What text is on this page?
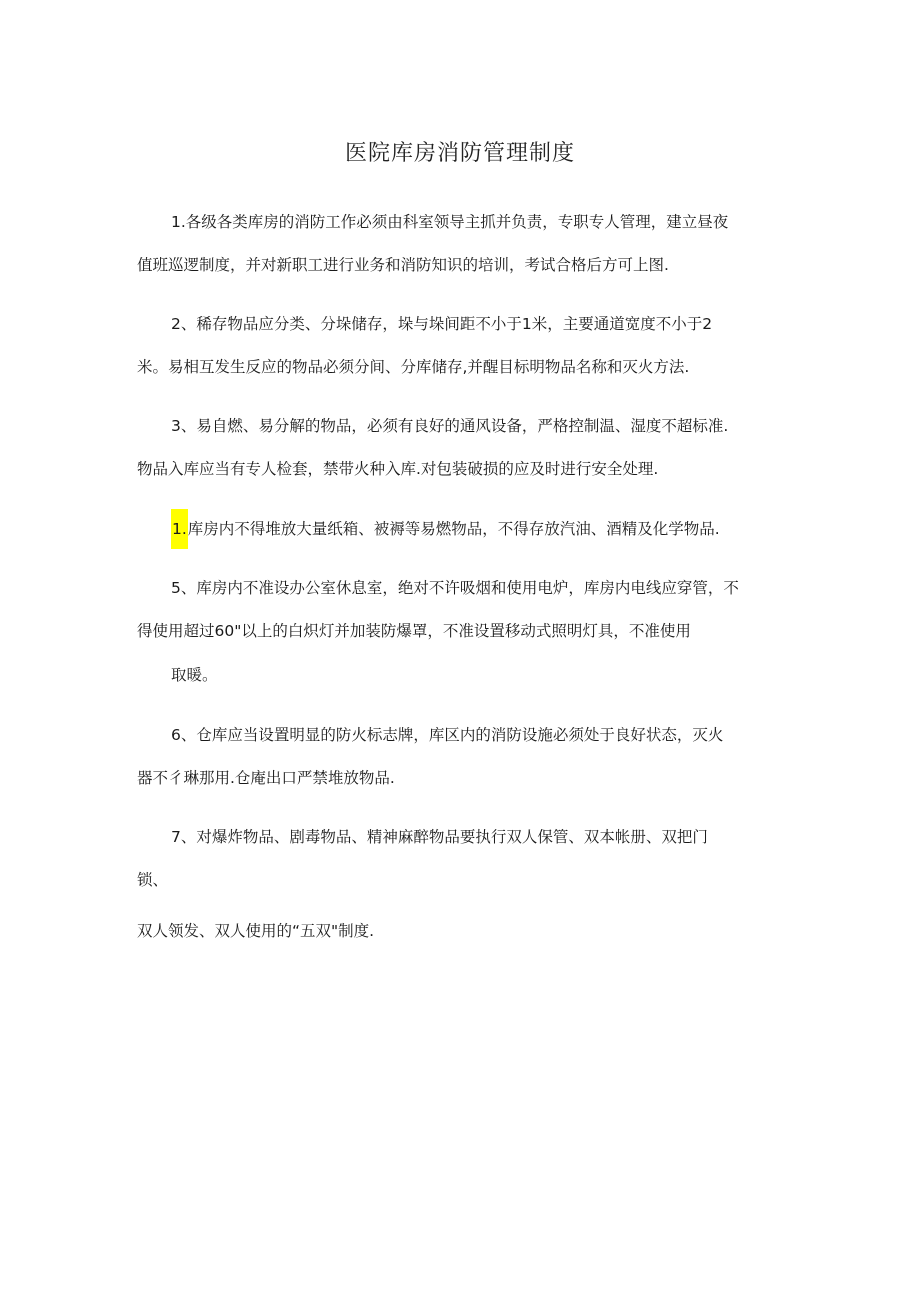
医院库房消防管理制度
1.各级各类库房的消防工作必须由科室领导主抓并负责，专职专人管理，建立昼夜
值班巡逻制度，并对新职工进行业务和消防知识的培训，考试合格后方可上图.
2、稀存物品应分类、分垛储存，垛与垛间距不小于1米，主要通道宽度不小于2
米。易相互发生反应的物品必须分间、分库储存,并醒目标明物品名称和灭火方法.
3、易自燃、易分解的物品，必须有良好的通风设备，严格控制温、湿度不超标准.
物品入库应当有专人检套，禁带火种入库.对包装破损的应及时进行安全处理.
1.库房内不得堆放大量纸箱、被褥等易燃物品，不得存放汽油、酒精及化学物品.
5、库房内不准设办公室休息室，绝对不许吸烟和使用电炉，库房内电线应穿管，不
得使用超过60"以上的白炽灯并加装防爆罩，不准设置移动式照明灯具，不准使用
取暖。
6、仓库应当设置明显的防火标志牌，库区内的消防设施必须处于良好状态，灭火
器不彳琳那用.仓庵出口严禁堆放物品.
7、对爆炸物品、剧毒物品、精神麻醉物品要执行双人保管、双本帐册、双把门
锁、
双人领发、双人使用的“五双"制度.
